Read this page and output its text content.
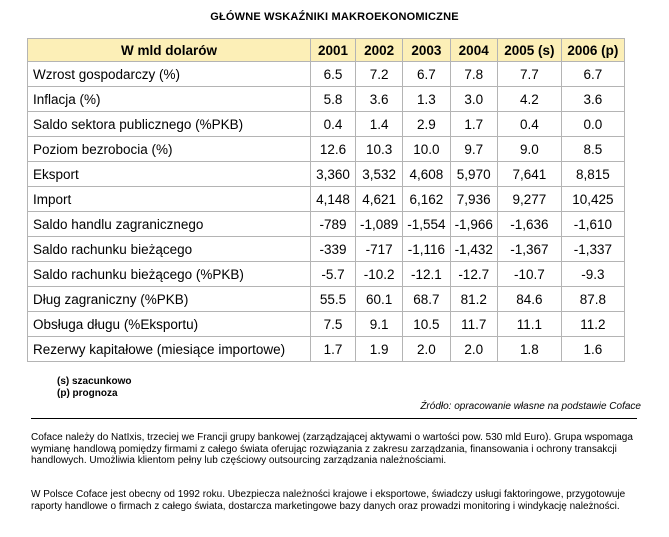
GŁÓWNE WSKAŹNIKI MAKROEKONOMICZNE
W mld dolarów	2001	2002	2003	2004	2005 (s)	2006 (p)
Wzrost gospodarczy (%)	6.5	7.2	6.7	7.8	7.7	6.7
Inflacja (%)	5.8	3.6	1.3	3.0	4.2	3.6
Saldo sektora publicznego (%PKB)	0.4	1.4	2.9	1.7	0.4	0.0
Poziom bezrobocia (%)	12.6	10.3	10.0	9.7	9.0	8.5
Eksport	3,360	3,532	4,608	5,970	7,641	8,815
Import	4,148	4,621	6,162	7,936	9,277	10,425
Saldo handlu zagranicznego	-789	-1,089	-1,554	-1,966	-1,636	-1,610
Saldo rachunku bieżącego	-339	-717	-1,116	-1,432	-1,367	-1,337
Saldo rachunku bieżącego (%PKB)	-5.7	-10.2	-12.1	-12.7	-10.7	-9.3
Dług zagraniczny (%PKB)	55.5	60.1	68.7	81.2	84.6	87.8
Obsługa długu (%Eksportu)	7.5	9.1	10.5	11.7	11.1	11.2
Rezerwy kapitałowe (miesiące importowe)	1.7	1.9	2.0	2.0	1.8	1.6
(s) szacunkowo
(p) prognoza
Źródło: opracowanie własne na podstawie Coface
Coface należy do NatIxis, trzeciej we Francji grupy bankowej (zarządzającej aktywami o wartości pow. 530 mld Euro). Grupa wspomaga wymianę handlową pomiędzy firmami z całego świata oferując rozwiązania z zakresu zarządzania, finansowania i ochrony transakcji handlowych. Umożliwia klientom pełny lub częściowy outsourcing zarządzania należnościami.
W Polsce Coface jest obecny od 1992 roku. Ubezpiecza należności krajowe i eksportowe, świadczy usługi faktoringowe, przygotowuje raporty handlowe o firmach z całego świata, dostarcza marketingowe bazy danych oraz prowadzi monitoring i windykację należności.
